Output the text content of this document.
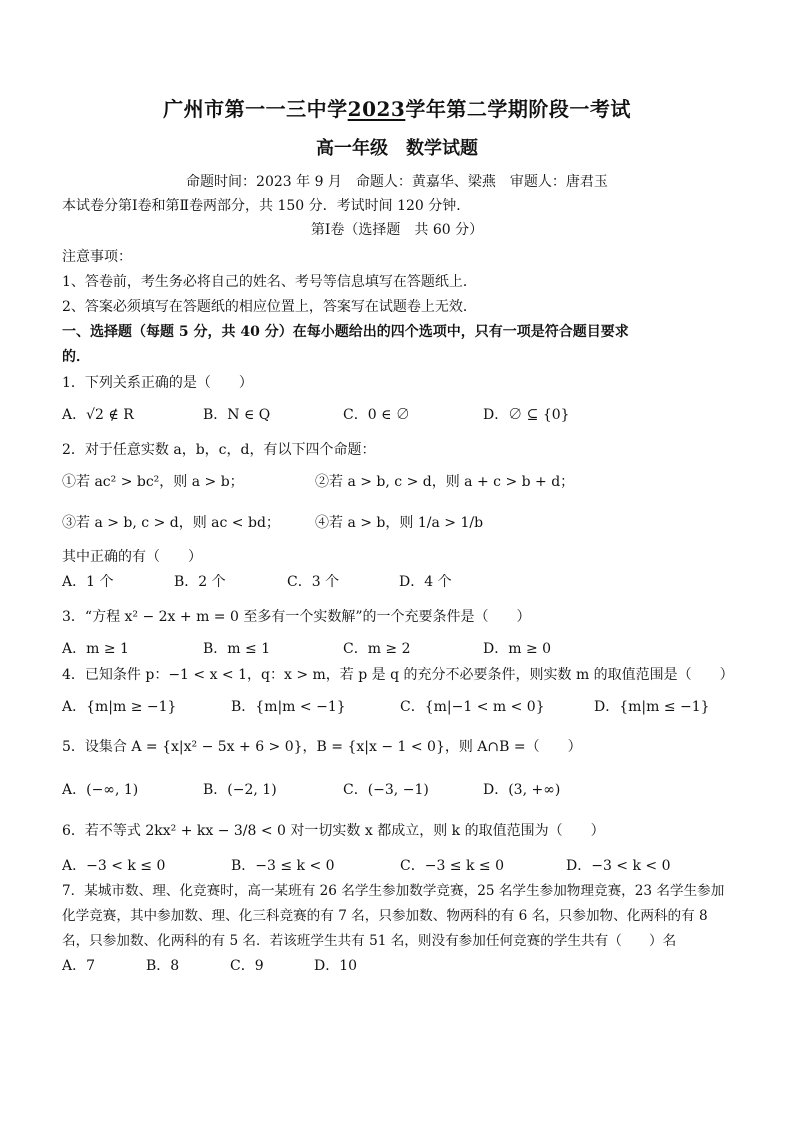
广州市第一一三中学2023学年第二学期阶段一考试
高一年级　数学试题
命题时间：2023 年 9 月　命题人：黄嘉华、梁燕　审题人：唐君玉
本试卷分第Ⅰ卷和第Ⅱ卷两部分，共 150 分．考试时间 120 分钟．
第Ⅰ卷（选择题　共 60 分）
注意事项：
1、答卷前，考生务必将自己的姓名、考号等信息填写在答题纸上．
2、答案必须填写在答题纸的相应位置上，答案写在试题卷上无效．
一、选择题（每题 5 分，共 40 分）在每小题给出的四个选项中，只有一项是符合题目要求
的．
1．下列关系正确的是（　　）
A．√2 ∉ R	B．N ∈ Q	C．0 ∈ ∅	D．∅ ⊆ {0}
2．对于任意实数 a，b，c，d，有以下四个命题：
①若 ac² > bc²，则 a > b；	②若 a > b, c > d，则 a + c > b + d；
③若 a > b, c > d，则 ac < bd；	④若 a > b，则 1/a > 1/b
其中正确的有（　　）
A．1 个	B．2 个	C．3 个	D．4 个
3．“方程 x² − 2x + m = 0 至多有一个实数解”的一个充要条件是（　　）
A．m ≥ 1	B．m ≤ 1	C．m ≥ 2	D．m ≥ 0
4．已知条件 p：−1 < x < 1，q：x > m，若 p 是 q 的充分不必要条件，则实数 m 的取值范围是（　　）
A．{m|m ≥ −1}	B．{m|m < −1}	C．{m|−1 < m < 0}	D．{m|m ≤ −1}
5．设集合 A = {x|x² − 5x + 6 > 0}，B = {x|x − 1 < 0}，则 A∩B =（　　）
A．(−∞, 1)	B．(−2, 1)	C．(−3, −1)	D．(3, +∞)
6．若不等式 2kx² + kx − 3/8 < 0 对一切实数 x 都成立，则 k 的取值范围为（　　）
A．−3 < k ≤ 0	B．−3 ≤ k < 0	C．−3 ≤ k ≤ 0	D．−3 < k < 0
7．某城市数、理、化竞赛时，高一某班有 26 名学生参加数学竞赛，25 名学生参加物理竞赛，23 名学生参加
化学竞赛，其中参加数、理、化三科竞赛的有 7 名，只参加数、物两科的有 6 名，只参加物、化两科的有 8
名，只参加数、化两科的有 5 名．若该班学生共有 51 名，则没有参加任何竞赛的学生共有（　　）名
A．7	B．8	C．9	D．10
